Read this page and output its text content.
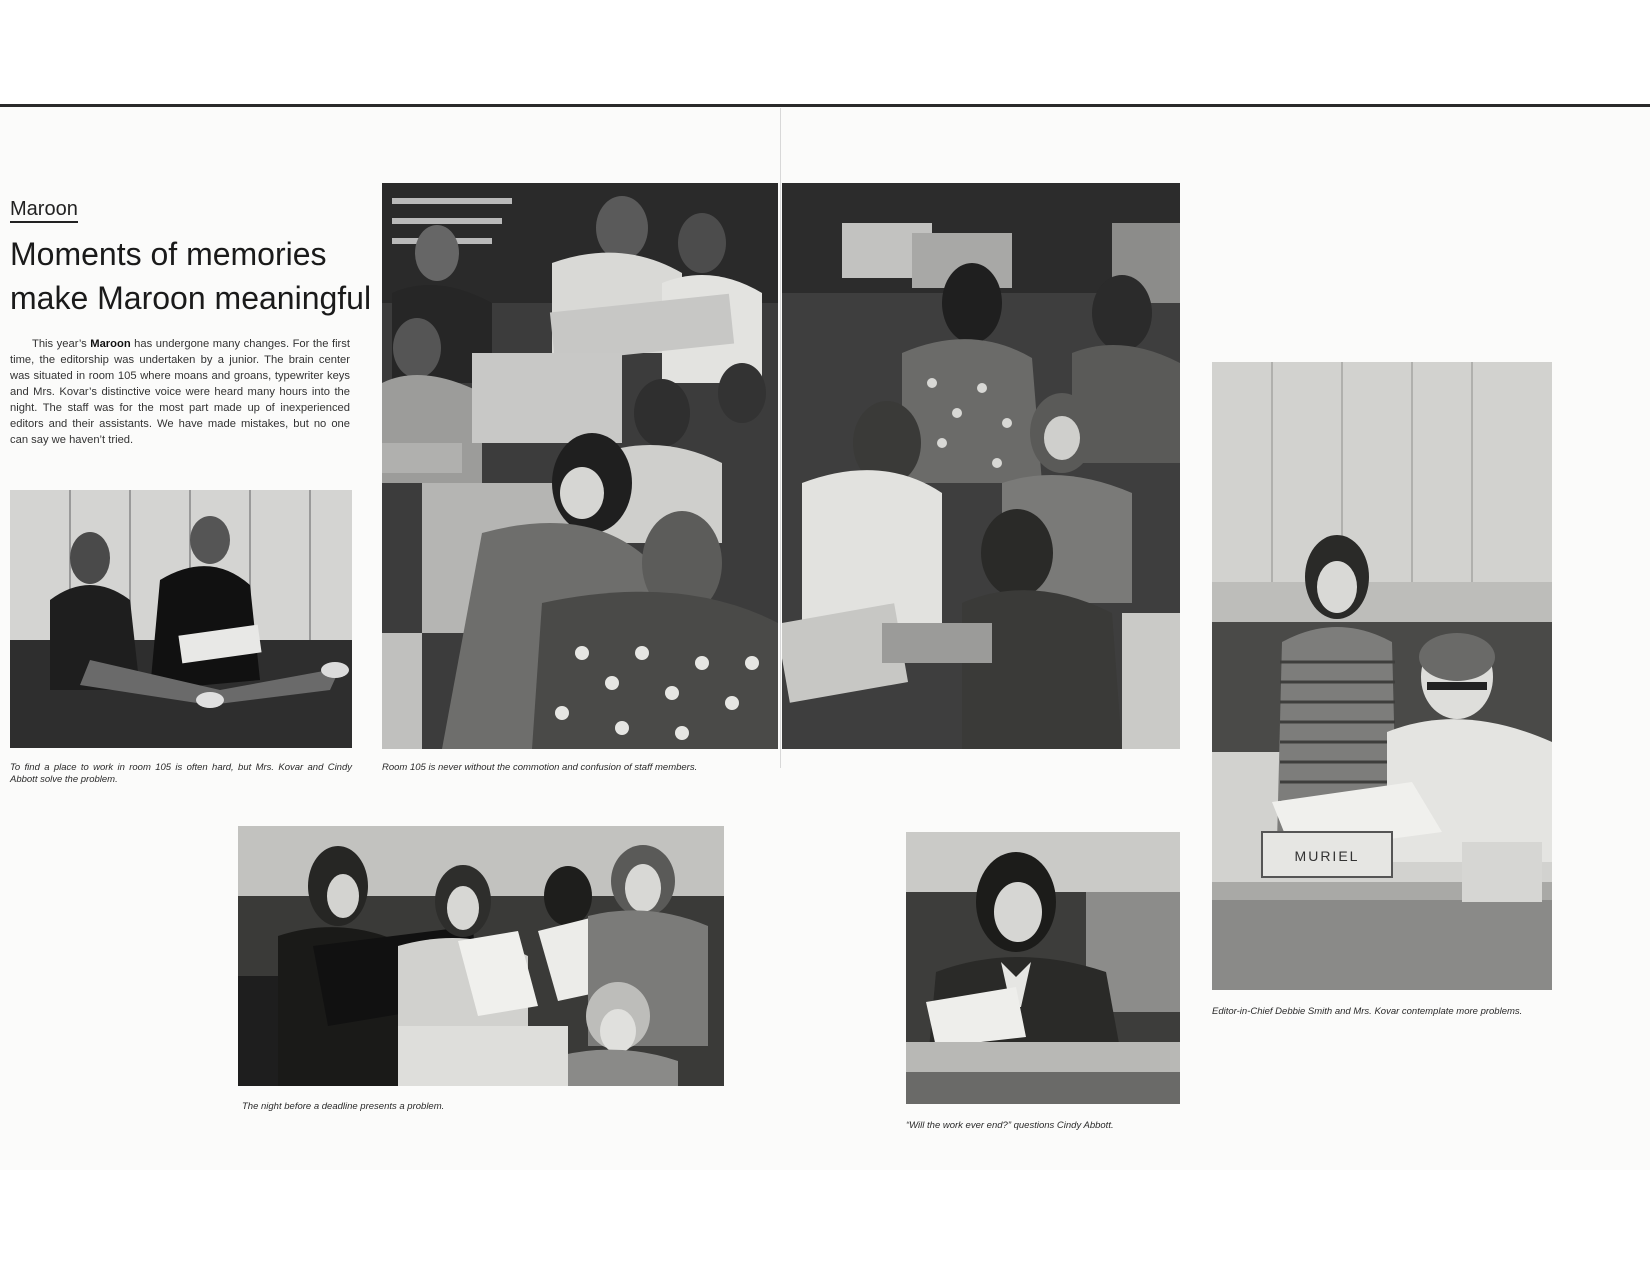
Maroon
Moments of memories
make Maroon meaningful

This year’s Maroon has undergone many changes. For the first time, the editorship was undertaken by a junior. The brain center was situated in room 105 where moans and groans, typewriter keys and Mrs. Kovar’s distinctive voice were heard many hours into the night. The staff was for the most part made up of inexperienced editors and their assistants. We have made mistakes, but no one can say we haven’t tried.

To find a place to work in room 105 is often hard, but Mrs. Kovar and Cindy Abbott solve the problem.
Room 105 is never without the commotion and confusion of staff members.
MURIEL
Editor-in-Chief Debbie Smith and Mrs. Kovar contemplate more problems.
The night before a deadline presents a problem.
“Will the work ever end?” questions Cindy Abbott.
